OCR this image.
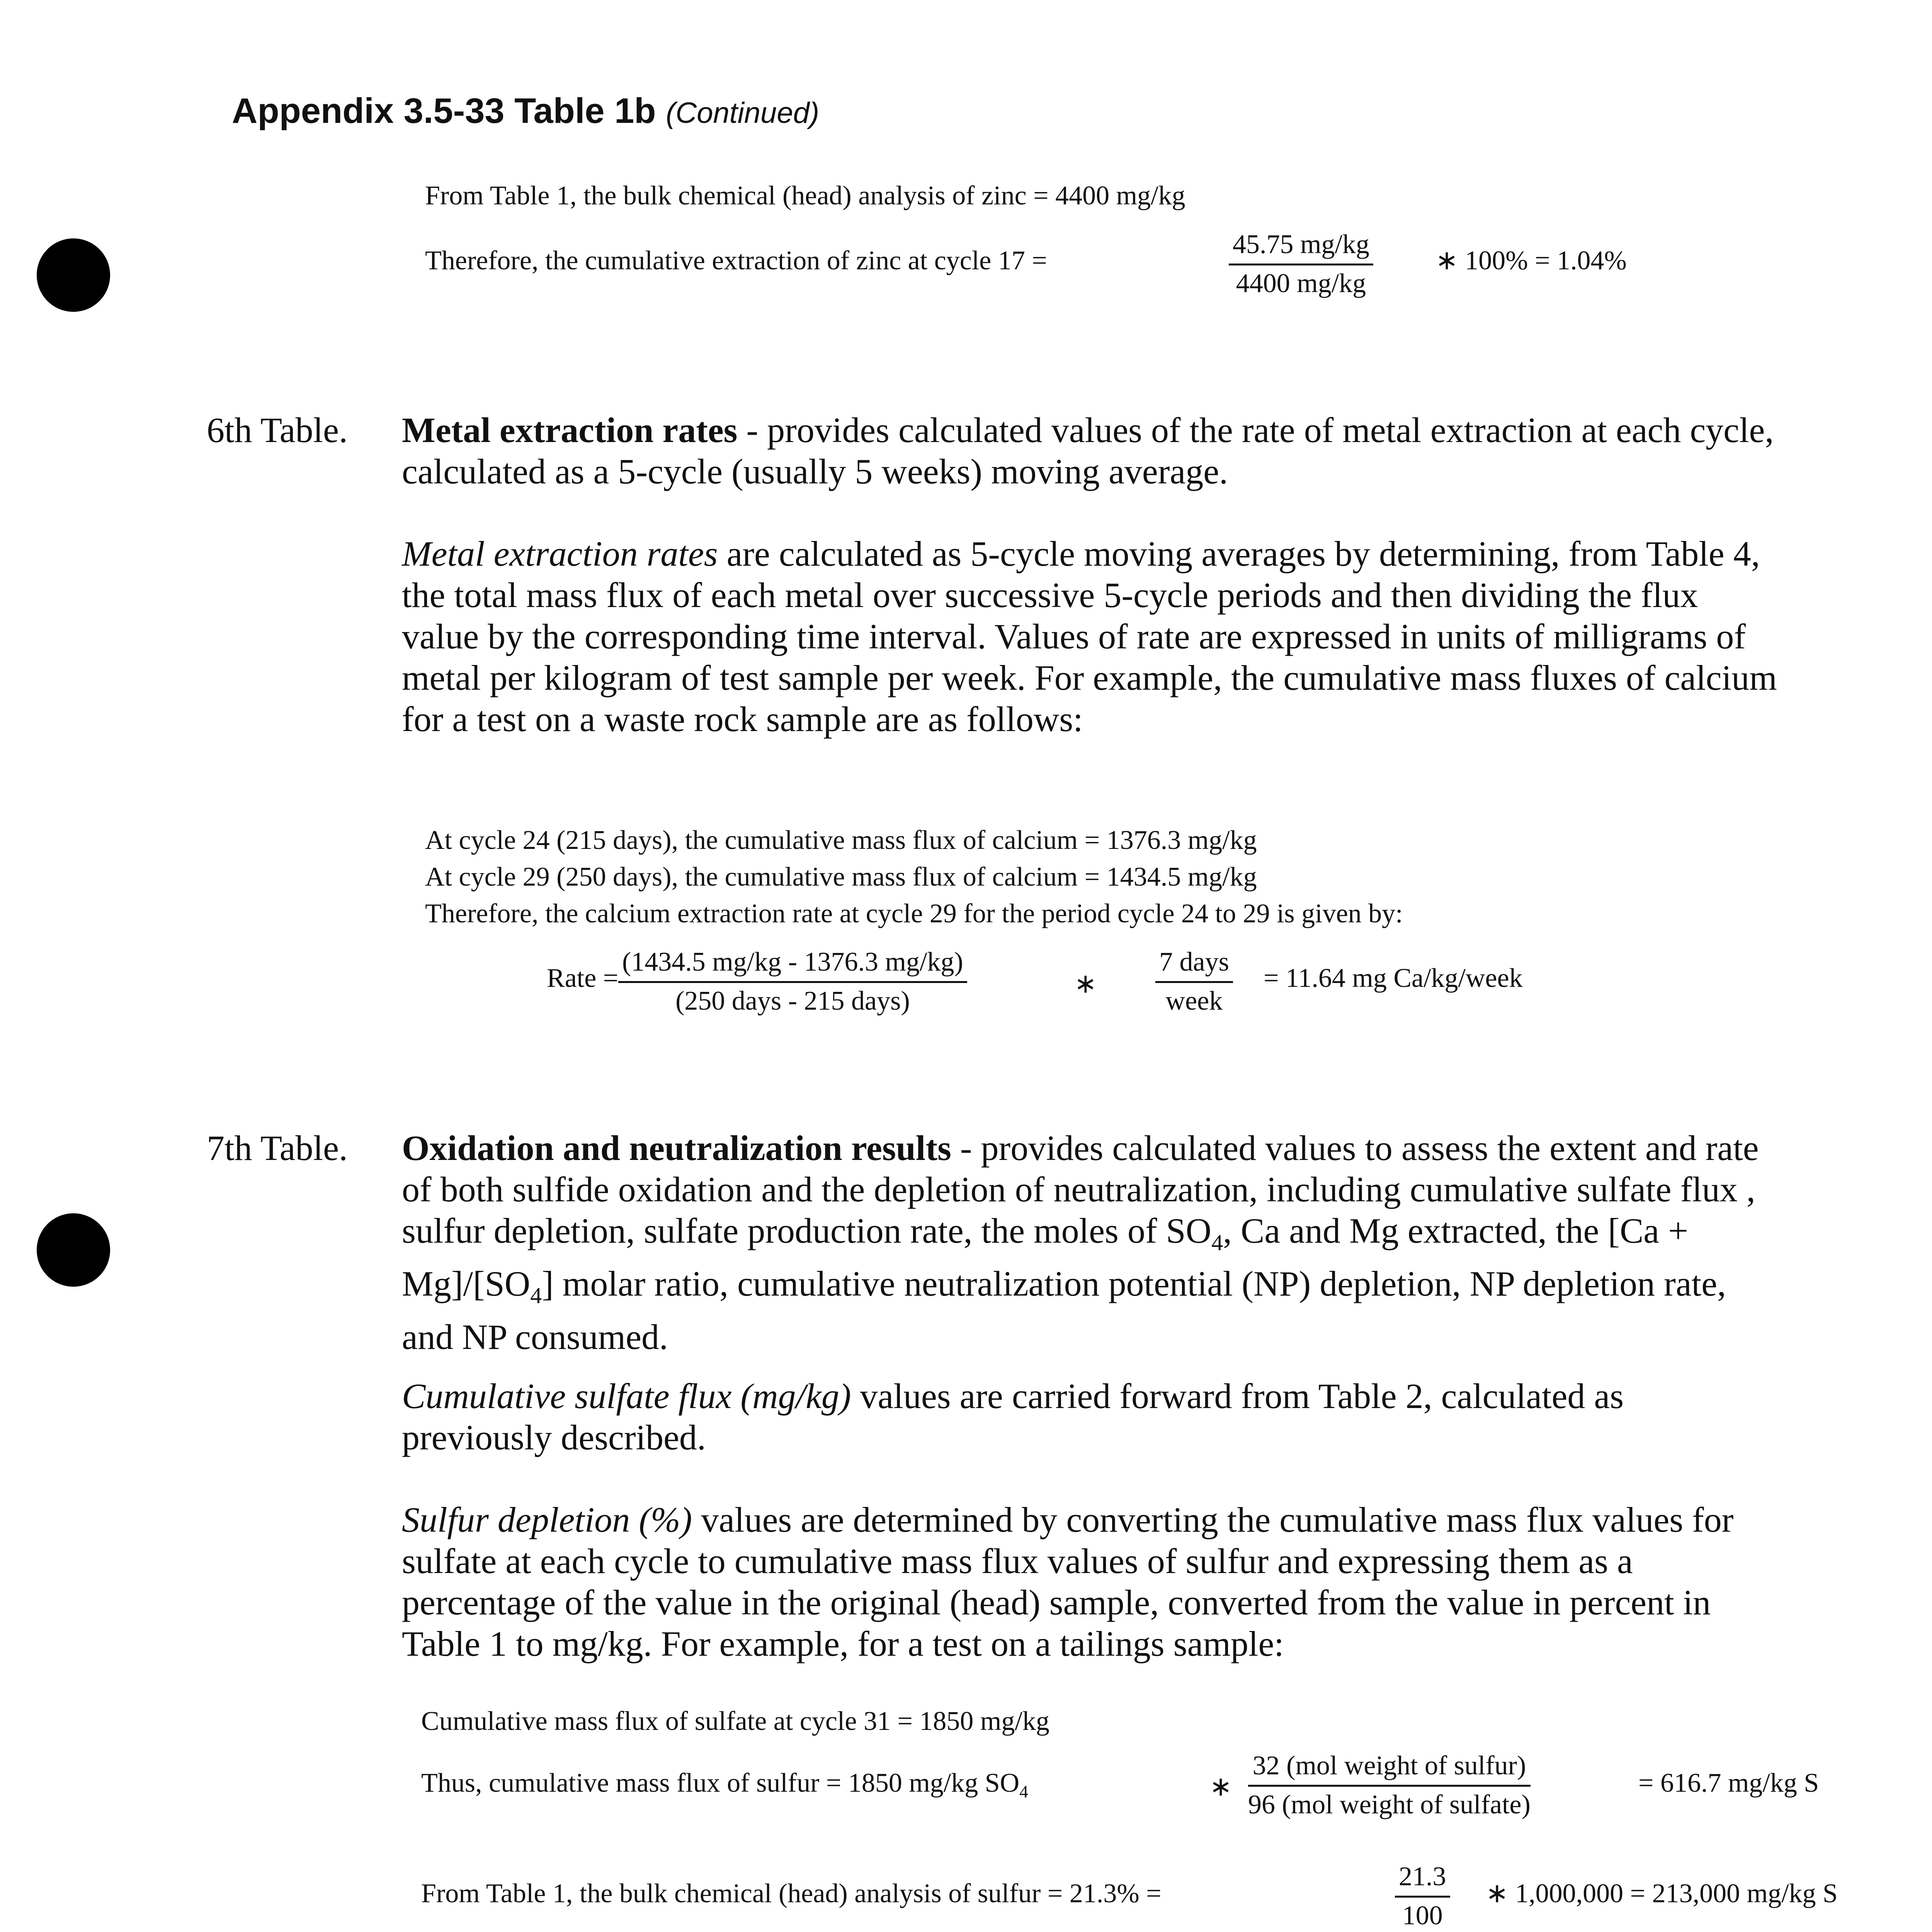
Appendix 3.5-33 Table 1b (Continued)
From Table 1, the bulk chemical (head) analysis of zinc = 4400 mg/kg
Therefore, the cumulative extraction of zinc at cycle 17 =	$\frac{45.75 mg/kg}{4400 mg/kg}$ ∗ 100% = 1.04%
6th Table. Metal extraction rates - provides calculated values of the rate of metal extraction at each cycle, calculated as a 5-cycle (usually 5 weeks) moving average.
Metal extraction rates are calculated as 5-cycle moving averages by determining, from Table 4, the total mass flux of each metal over successive 5-cycle periods and then dividing the flux value by the corresponding time interval. Values of rate are expressed in units of milligrams of metal per kilogram of test sample per week. For example, the cumulative mass fluxes of calcium for a test on a waste rock sample are as follows:
At cycle 24 (215 days), the cumulative mass flux of calcium = 1376.3 mg/kg
At cycle 29 (250 days), the cumulative mass flux of calcium = 1434.5 mg/kg
Therefore, the calcium extraction rate at cycle 29 for the period cycle 24 to 29 is given by:
Rate =
(1434.5 mg/kg - 1376.3 mg/kg)
(250 days - 215 days)
∗
7 days
week
= 11.64 mg Ca/kg/week
7th Table. Oxidation and neutralization results - provides calculated values to assess the extent and rate of both sulfide oxidation and the depletion of neutralization, including cumulative sulfate flux , sulfur depletion, sulfate production rate, the moles of $SO_4$, Ca and Mg extracted, the $[Ca + Mg]/[SO_4]$ molar ratio, cumulative neutralization potential (NP) depletion, NP depletion rate, and NP consumed.
Cumulative sulfate flux (mg/kg) values are carried forward from Table 2, calculated as previously described.
Sulfur depletion (%) values are determined by converting the cumulative mass flux values for sulfate at each cycle to cumulative mass flux values of sulfur and expressing them as a percentage of the value in the original (head) sample, converted from the value in percent in Table 1 to mg/kg. For example, for a test on a tailings sample:
Cumulative mass flux of sulfate at cycle 31 = 1850 mg/kg
Thus, cumulative mass flux of sulfur = 1850 mg/kg $SO_4$	∗
32 (mol weight of sulfur)
96 (mol weight of sulfate)
= 616.7 mg/kg S
From Table 1, the bulk chemical (head) analysis of sulfur = 21.3% =	$\frac{21.3}{100}$ ∗ 1,000,000 = 213,000 mg/kg S
